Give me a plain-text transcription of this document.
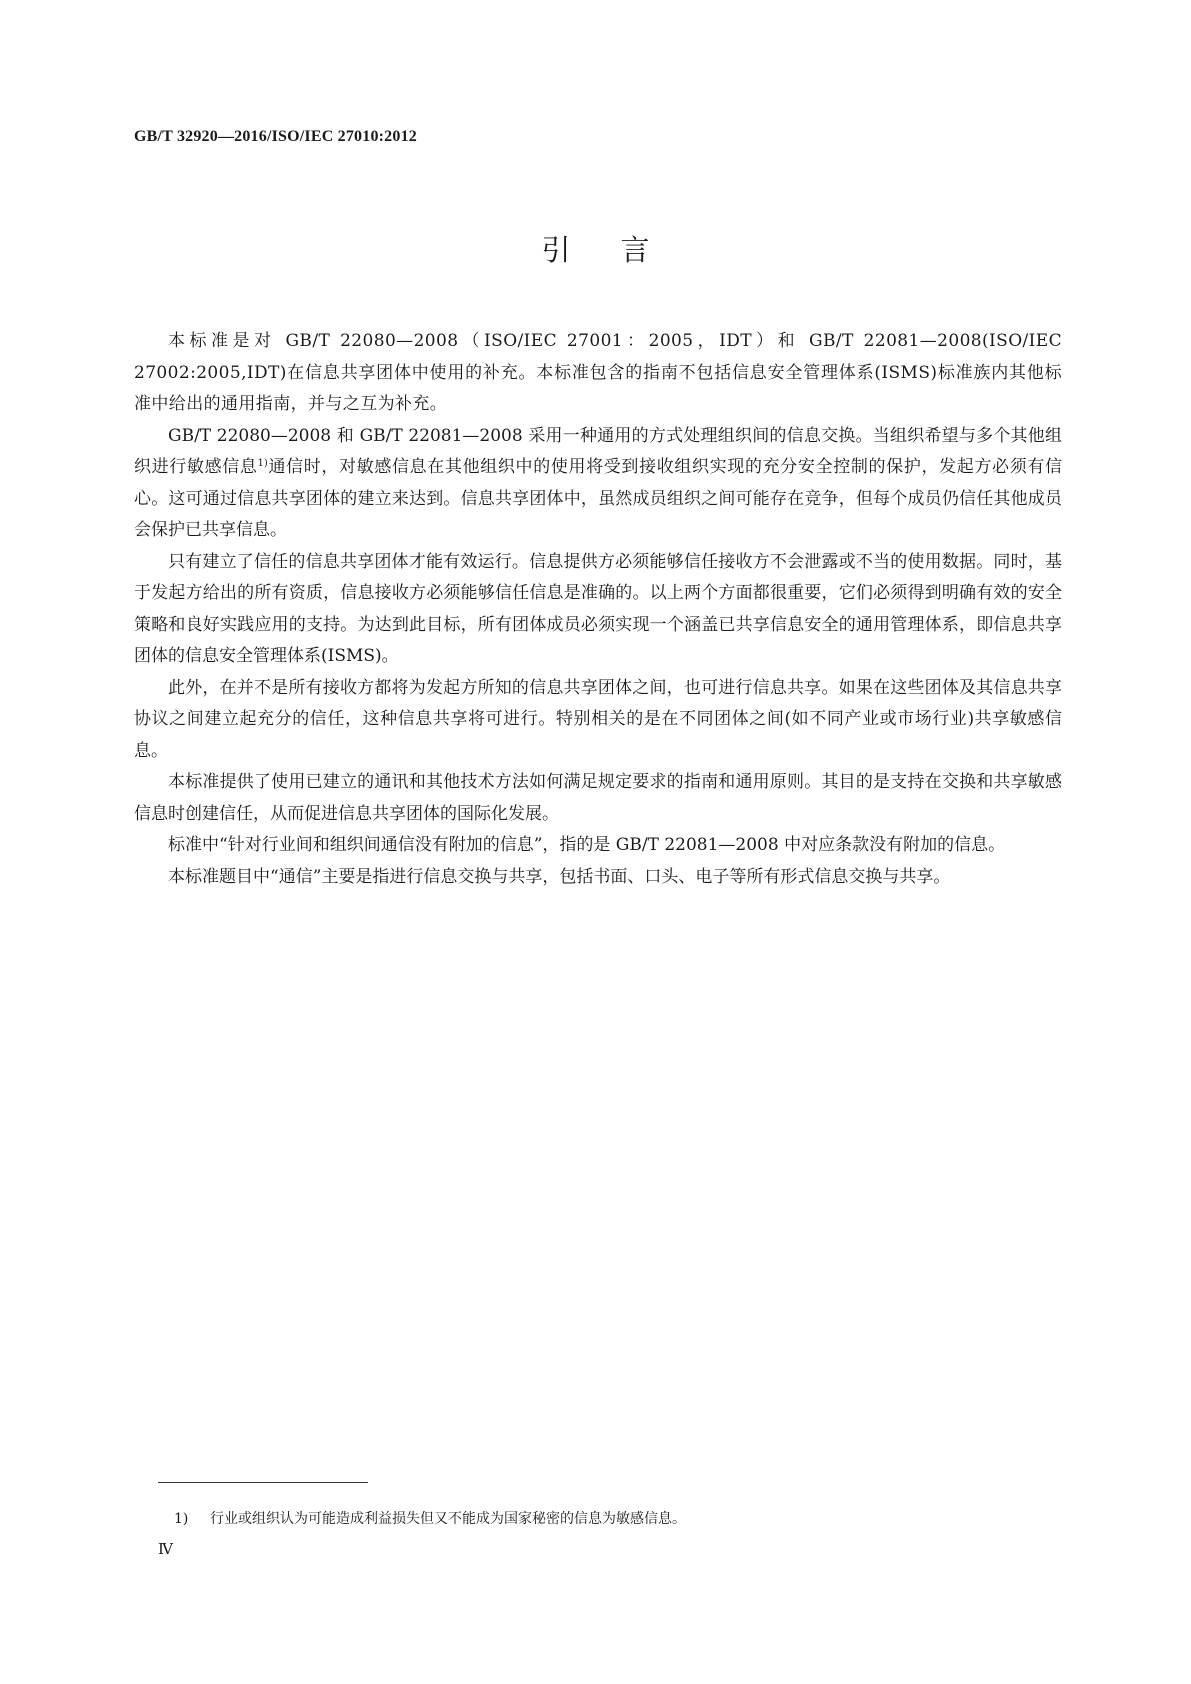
GB/T 32920—2016/ISO/IEC 27010:2012
引言

本标准是对 GB/T 22080—2008（ISO/IEC 27001：2005，IDT）和 GB/T 22081—2008(ISO/IEC 27002:2005,IDT)在信息共享团体中使用的补充。本标准包含的指南不包括信息安全管理体系(ISMS)标准族内其他标准中给出的通用指南，并与之互为补充。

GB/T 22080—2008 和 GB/T 22081—2008 采用一种通用的方式处理组织间的信息交换。当组织希望与多个其他组织进行敏感信息$^{1)}$通信时，对敏感信息在其他组织中的使用将受到接收组织实现的充分安全控制的保护，发起方必须有信心。这可通过信息共享团体的建立来达到。信息共享团体中，虽然成员组织之间可能存在竞争，但每个成员仍信任其他成员会保护已共享信息。

只有建立了信任的信息共享团体才能有效运行。信息提供方必须能够信任接收方不会泄露或不当的使用数据。同时，基于发起方给出的所有资质，信息接收方必须能够信任信息是准确的。以上两个方面都很重要，它们必须得到明确有效的安全策略和良好实践应用的支持。为达到此目标，所有团体成员必须实现一个涵盖已共享信息安全的通用管理体系，即信息共享团体的信息安全管理体系(ISMS)。

此外，在并不是所有接收方都将为发起方所知的信息共享团体之间，也可进行信息共享。如果在这些团体及其信息共享协议之间建立起充分的信任，这种信息共享将可进行。特别相关的是在不同团体之间(如不同产业或市场行业)共享敏感信息。

本标准提供了使用已建立的通讯和其他技术方法如何满足规定要求的指南和通用原则。其目的是支持在交换和共享敏感信息时创建信任，从而促进信息共享团体的国际化发展。

标准中“针对行业间和组织间通信没有附加的信息”，指的是 GB/T 22081—2008 中对应条款没有附加的信息。

本标准题目中“通信”主要是指进行信息交换与共享，包括书面、口头、电子等所有形式信息交换与共享。

1) 行业或组织认为可能造成利益损失但又不能成为国家秘密的信息为敏感信息。
Ⅳ
